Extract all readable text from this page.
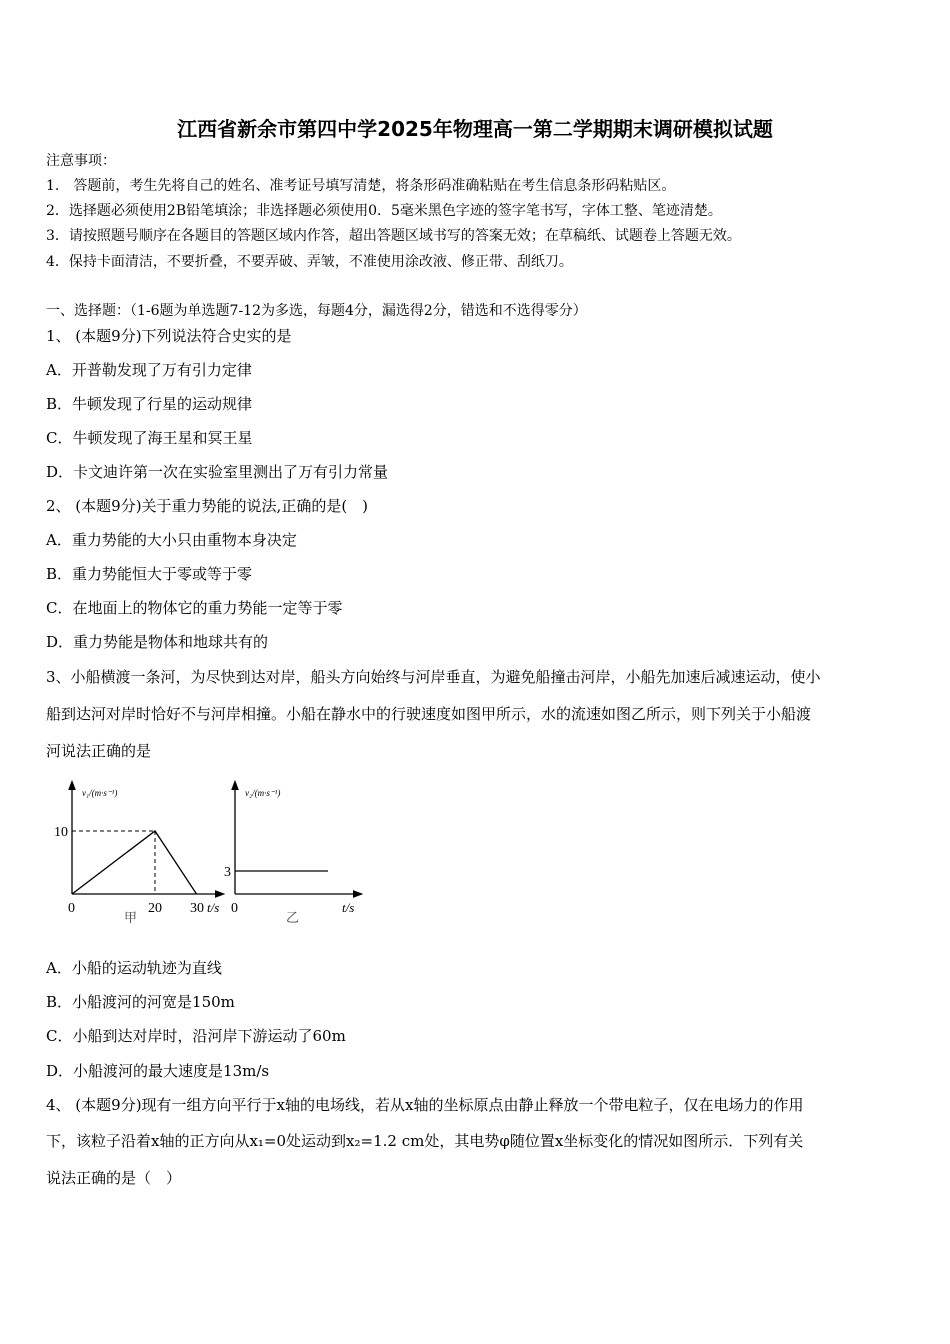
江西省新余市第四中学2025年物理高一第二学期期末调研模拟试题
注意事项：
1.　答题前，考生先将自己的姓名、准考证号填写清楚，将条形码准确粘贴在考生信息条形码粘贴区。
2．选择题必须使用2B铅笔填涂；非选择题必须使用0．5毫米黑色字迹的签字笔书写，字体工整、笔迹清楚。
3．请按照题号顺序在各题目的答题区域内作答，超出答题区域书写的答案无效；在草稿纸、试题卷上答题无效。
4．保持卡面清洁，不要折叠，不要弄破、弄皱，不准使用涂改液、修正带、刮纸刀。
一、选择题：（1-6题为单选题7-12为多选，每题4分，漏选得2分，错选和不选得零分）
1、 (本题9分)下列说法符合史实的是
A．开普勒发现了万有引力定律
B．牛顿发现了行星的运动规律
C．牛顿发现了海王星和冥王星
D．卡文迪许第一次在实验室里测出了万有引力常量
2、 (本题9分)关于重力势能的说法,正确的是(　)
A．重力势能的大小只由重物本身决定
B．重力势能恒大于零或等于零
C．在地面上的物体它的重力势能一定等于零
D．重力势能是物体和地球共有的
3、小船横渡一条河，为尽快到达对岸，船头方向始终与河岸垂直，为避免船撞击河岸，小船先加速后减速运动，使小
船到达河对岸时恰好不与河岸相撞。小船在静水中的行驶速度如图甲所示，水的流速如图乙所示，则下列关于小船渡
河说法正确的是
v₁/(m·s⁻¹)
10
0	20 30 t/s
甲
v₂/(m·s⁻¹)
3
0	t/s
乙
A．小船的运动轨迹为直线
B．小船渡河的河宽是150m
C．小船到达对岸时，沿河岸下游运动了60m
D．小船渡河的最大速度是13m/s
4、 (本题9分)现有一组方向平行于x轴的电场线，若从x轴的坐标原点由静止释放一个带电粒子，仅在电场力的作用
下，该粒子沿着x轴的正方向从x₁=0处运动到x₂=1.2 cm处，其电势φ随位置x坐标变化的情况如图所示．下列有关
说法正确的是（　）
